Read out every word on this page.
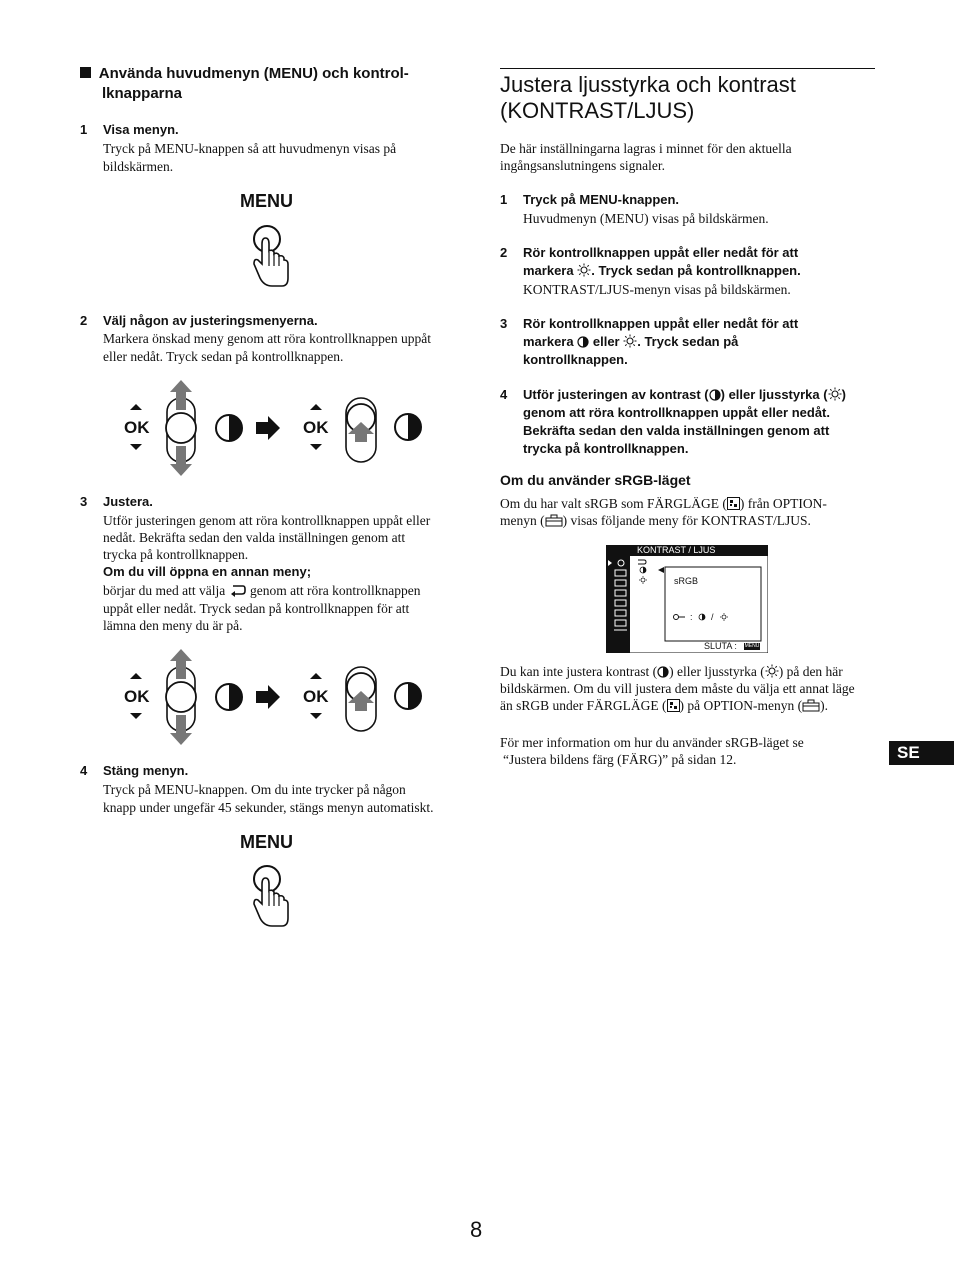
Använda huvudmenyn (MENU) och kontrol-
lknapparna
1 Visa menyn.
Tryck på MENU-knappen så att huvudmenyn visas på
bildskärmen.
MENU
2 Välj någon av justeringsmenyerna.
Markera önskad meny genom att röra kontrollknappen uppåt
eller nedåt. Tryck sedan på kontrollknappen.
OK	OK
3 Justera.
Utför justeringen genom att röra kontrollknappen uppåt eller
nedåt. Bekräfta sedan den valda inställningen genom att
trycka på kontrollknappen.
Om du vill öppna en annan meny;
börjar du med att välja genom att röra kontrollknappen
uppåt eller nedåt. Tryck sedan på kontrollknappen för att
lämna den meny du är på.
OK	OK
4 Stäng menyn.
Tryck på MENU-knappen. Om du inte trycker på någon
knapp under ungefär 45 sekunder, stängs menyn automatiskt.
MENU
Justera ljusstyrka och kontrast
(KONTRAST/LJUS)
De här inställningarna lagras i minnet för den aktuella
ingångsanslutningens signaler.
1 Tryck på MENU-knappen.
Huvudmenyn (MENU) visas på bildskärmen.
2 Rör kontrollknappen uppåt eller nedåt för att
markera . Tryck sedan på kontrollknappen.
KONTRAST/LJUS-menyn visas på bildskärmen.
3 Rör kontrollknappen uppåt eller nedåt för att
markera eller . Tryck sedan på
kontrollknappen.
4 Utför justeringen av kontrast ( ) eller ljusstyrka ( )
genom att röra kontrollknappen uppåt eller nedåt.
Bekräfta sedan den valda inställningen genom att
trycka på kontrollknappen.
Om du använder sRGB-läget
Om du har valt sRGB som FÄRGLÄGE ( ) från OPTION-
menyn ( ) visas följande meny för KONTRAST/LJUS.
KONTRAST / LJUS
sRGB
: /
SLUTA : MENU
Du kan inte justera kontrast ( ) eller ljusstyrka ( ) på den här
bildskärmen. Om du vill justera dem måste du välja ett annat läge
än sRGB under FÄRGLÄGE ( ) på OPTION-menyn ( ).
För mer information om hur du använder sRGB-läget se
“Justera bildens färg (FÄRG)” på sidan 12.	SE
8
